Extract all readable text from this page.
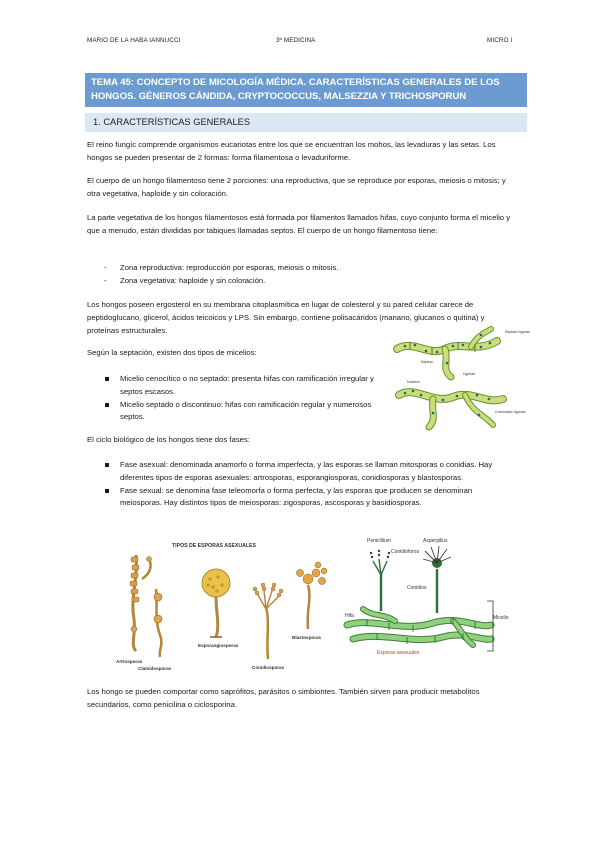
MARIO DE LA HABA IANNUCCI	3º MEDICINA	MICRO I
TEMA 45: CONCEPTO DE MICOLOGÍA MÉDICA. CARACTERÍSTICAS GENERALES DE LOS HONGOS. GÉNEROS CÁNDIDA, CRYPTOCOCCUS, MALSEZZIA Y TRICHOSPORUN
1. CARACTERÍSTICAS GENERALES

El reino fungíc comprende organismos eucariotas entre los que se encuentran los mohos, las levaduras y las setas. Los hongos se pueden presentar de 2 formas: forma filamentosa o levaduriforme.

El cuerpo de un hongo filamentoso tiene 2 porciones: una reproductiva, que se reproduce por esporas, meiosis o mitosis; y otra vegetativa, haploide y sin coloración.

La parte vegetativa de los hongos filamentosos está formada por filamentos llamados hifas, cuyo conjunto forma el micelio y que a menudo, están divididas por tabiques llamadas septos. El cuerpo de un hongo filamentoso tiene:

- Zona reproductiva: reproducción por esporas, meiosis o mitosis.
- Zona vegetativa: haploide y sin coloración.

Los hongos poseen ergosterol en su membrana citoplasmítica en lugar de colesterol y su pared celular carece de peptidoglucano, glicerol, ácidos teicoicos y LPS. Sin embargo, contiene polisacáridos (manano, glucanos o quitina) y proteínas estructurales.

Según la septación, existen dos tipos de micelios:

Micelio cenocítico o no septado: presenta hifas con ramificación irregular y septos escasos.
Micelio septado o discontinuo: hifas con ramificación regular y numerosos septos.

El ciclo biológico de los hongos tiene dos fases:

Fase asexual: denominada anamorfo o forma imperfecta, y las esporas se llaman mitosporas o conidias. Hay diferentes tipos de esporas asexuales: artrosporas, esporangiosporas, conidiosporas y blastosporas.
Fase sexual: se denomina fase teleomorfa o forma perfecta, y las esporas que producen se denominan meiosporas. Hay distintos tipos de meiosporas: zigosporas, ascosporas y basidiosporas.

Los hongo se pueden comportar como saprófitos, parásitos o simbiontes. También sirven para producir metabolitos secundarios, como penicilina o ciclosporina.

Septate hyphae
Septum
Hyphae
Nucleus
Coenocytic hyphae
TIPOS DE ESPORAS ASEXUALES
Artrosporas
Clamidosporas
Esporangiosporas
Conidiosporas
Blastosporas
Penicillium	Aspergillus
Conidióforos
Conidios
Hifa	Micelio
Esporas asexuales
